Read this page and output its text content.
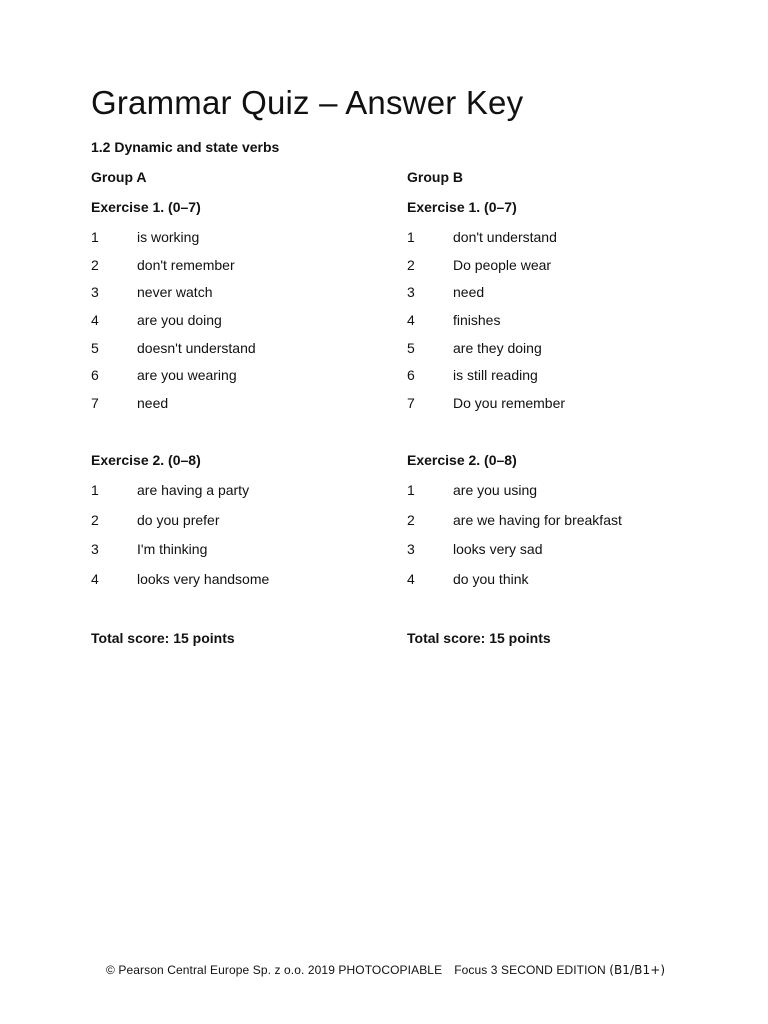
Grammar Quiz – Answer Key
1.2 Dynamic and state verbs
Group A
Exercise 1. (0–7)
1	is working
2	don't remember
3	never watch
4	are you doing
5	doesn't understand
6	are you wearing
7	need
Exercise 2. (0–8)
1	are having a party
2	do you prefer
3	I'm thinking
4	looks very handsome
Total score: 15 points
Group B
Exercise 1. (0–7)
1	don't understand
2	Do people wear
3	need
4	finishes
5	are they doing
6	is still reading
7	Do you remember
Exercise 2. (0–8)
1	are you using
2	are we having for breakfast
3	looks very sad
4	do you think
Total score: 15 points
© Pearson Central Europe Sp. z o.o. 2019 PHOTOCOPIABLE Focus 3 SECOND EDITION (B1/B1+)
